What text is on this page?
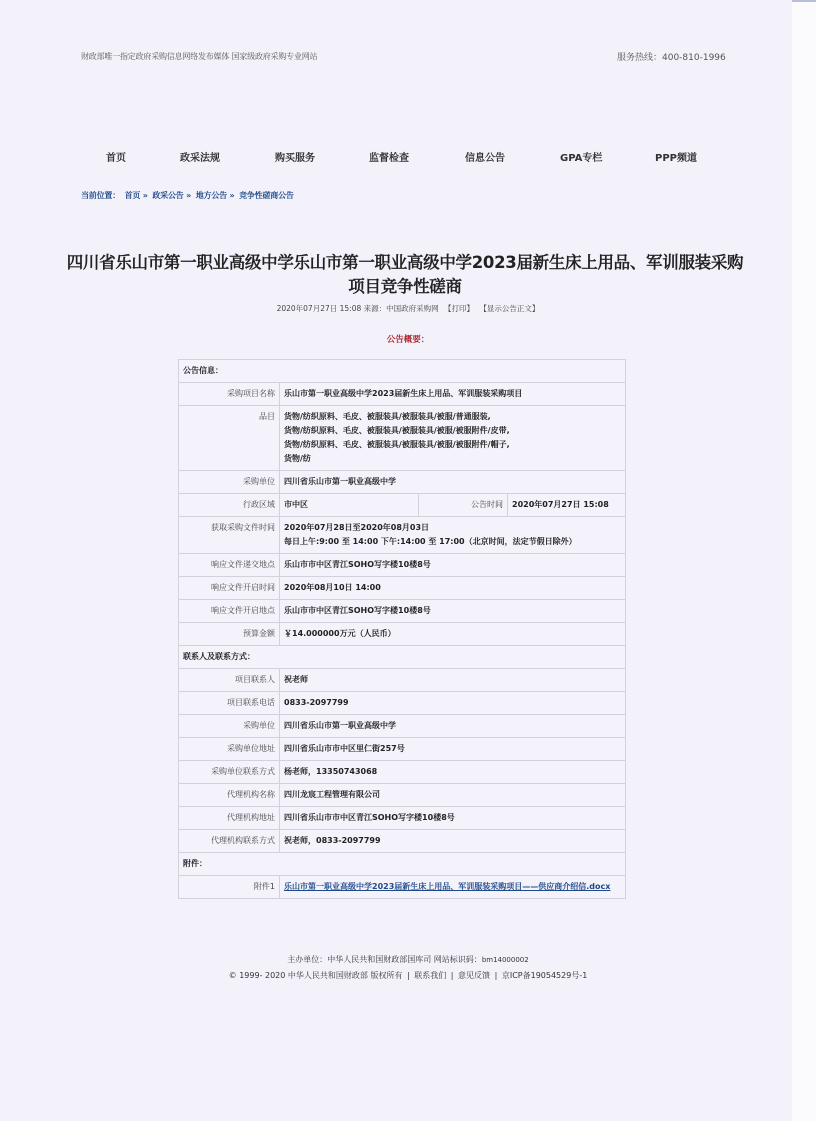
财政部唯一指定政府采购信息网络发布媒体 国家级政府采购专业网站	服务热线：400-810-1996
首页	政采法规	购买服务	监督检查	信息公告	GPA专栏	PPP频道
当前位置： 首页 » 政采公告 » 地方公告 » 竞争性磋商公告
四川省乐山市第一职业高级中学乐山市第一职业高级中学2023届新生床上用品、军训服装采购项目竞争性磋商
2020年07月27日 15:08 来源：中国政府采购网 【打印】 【显示公告正文】
公告概要：
公告信息：			
采购项目名称	乐山市第一职业高级中学2023届新生床上用品、军训服装采购项目		
品目	货物/纺织原料、毛皮、被服装具/被服装具/被服/普通服装,
货物/纺织原料、毛皮、被服装具/被服装具/被服/被服附件/皮带,
货物/纺织原料、毛皮、被服装具/被服装具/被服/被服附件/帽子,
货物/纺		

采购单位	四川省乐山市第一职业高级中学		
行政区域	市中区	公告时间	2020年07月27日 15:08
获取采购文件时间	2020年07月28日至2020年08月03日
每日上午:9:00 至 14:00 下午:14:00 至 17:00（北京时间，法定节假日除外）		

响应文件递交地点	乐山市市中区青江SOHO写字楼10楼8号		
响应文件开启时间	2020年08月10日 14:00		
响应文件开启地点	乐山市市中区青江SOHO写字楼10楼8号		
预算金额	￥14.000000万元（人民币）		
联系人及联系方式：			
项目联系人	祝老师		
项目联系电话	0833-2097799		
采购单位	四川省乐山市第一职业高级中学		
采购单位地址	四川省乐山市市中区里仁街257号		
采购单位联系方式	杨老师，13350743068		
代理机构名称	四川龙宸工程管理有限公司		
代理机构地址	四川省乐山市市中区青江SOHO写字楼10楼8号		
代理机构联系方式	祝老师，0833-2097799		
附件：			
附件1	乐山市第一职业高级中学2023届新生床上用品、军训服装采购项目——供应商介绍信.docx		
主办单位：中华人民共和国财政部国库司 网站标识码：bm14000002
© 1999- 2020 中华人民共和国财政部 版权所有 | 联系我们 | 意见反馈 | 京ICP备19054529号-1
